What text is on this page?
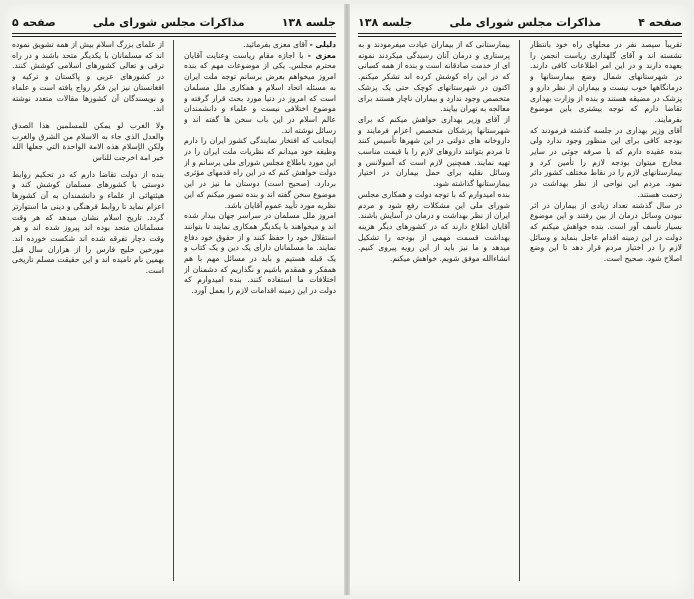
جلسه ۱۳۸
مذاکرات مجلس شورای ملی
صفحه ۵

دلیلی - آقای معزی بفرمائید.

معزی - با اجازه مقام ریاست وعنایت آقایان محترم مجلس. یکی از موضوعات مهم که بنده امروز میخواهم بعرض برسانم توجه ملت ایران به مسئله اتحاد اسلام و همکاری ملل مسلمان است که امروز در دنیا مورد بحث قرار گرفته و موضوع اختلافی نیست و علماء و دانشمندان عالم اسلام در این باب سخن ها گفته اند و رسائل نوشته اند.

اینجانب که افتخار نمایندگی کشور ایران را دارم وظیفه خود میدانم که نظریات ملت ایران را در این مورد باطلاع مجلس شورای ملی برسانم و از دولت خواهش کنم که در این راه قدمهای مؤثری بردارد. (صحیح است) دوستان ما نیز در این موضوع سخن گفته اند و بنده تصور میکنم که این نظریه مورد تأیید عموم آقایان باشد.

امروز ملل مسلمان در سراسر جهان بیدار شده اند و میخواهند با یکدیگر همکاری نمایند تا بتوانند استقلال خود را حفظ کنند و از حقوق خود دفاع نمایند. ما مسلمانان دارای یک دین و یک کتاب و یک قبله هستیم و باید در مسائل مهم با هم همفکر و همقدم باشیم و نگذاریم که دشمنان از اختلافات ما استفاده کنند. بنده امیدوارم که دولت در این زمینه اقدامات لازم را بعمل آورد.

از علمای بزرگ اسلام بیش از همه تشویق نموده اند که مسلمانان با یکدیگر متحد باشند و در راه ترقی و تعالی کشورهای اسلامی کوشش کنند. در کشورهای عربی و پاکستان و ترکیه و افغانستان نیز این فکر رواج یافته است و علماء و نویسندگان آن کشورها مقالات متعدد نوشته اند.

ولا الغرب لو يمكن للمسلمين هذا الصدق والعدل الذي جاء به الاسلام من الشرق والغرب ولكن الإسلام هذه الامة الواحدة التي جعلها الله خير امة اخرجت للناس

بنده از دولت تقاضا دارم که در تحکیم روابط دوستی با کشورهای مسلمان کوشش کند و هیئتهائی از علماء و دانشمندان به آن کشورها اعزام نماید تا روابط فرهنگی و دینی ما استوارتر گردد. تاریخ اسلام نشان میدهد که هر وقت مسلمانان متحد بوده اند پیروز شده اند و هر وقت دچار تفرقه شده اند شکست خورده اند. مورخین خلیج فارس را از هزاران سال قبل بهمین نام نامیده اند و این حقیقت مسلم تاریخی است.

صفحه ۴
مذاکرات مجلس شورای ملی
جلسه ۱۳۸

تقریباً سیصد نفر در محلهای راه خود بانتظار نشسته اند و آقای گلهداری ریاست انجمن را بعهده دارند و در این امر اطلاعات کافی دارند. در شهرستانهای شمال وضع بیمارستانها و درمانگاهها خوب نیست و بیماران از نظر دارو و پزشک در مضیقه هستند و بنده از وزارت بهداری تقاضا دارم که توجه بیشتری باین موضوع بفرمایند.

آقای وزیر بهداری در جلسه گذشته فرمودند که بودجه کافی برای این منظور وجود ندارد ولی بنده عقیده دارم که با صرفه جوئی در سایر مخارج میتوان بودجه لازم را تأمین کرد و بیمارستانهای لازم را در نقاط مختلف کشور دائر نمود. مردم این نواحی از نظر بهداشت در زحمت هستند.

در سال گذشته تعداد زیادی از بیماران در اثر نبودن وسائل درمان از بین رفتند و این موضوع بسیار تأسف آور است. بنده خواهش میکنم که دولت در این زمینه اقدام عاجل بنماید و وسائل لازم را در اختیار مردم قرار دهد تا این وضع اصلاح شود. صحیح است.

بیمارستانی که از بیماران عیادت میفرمودند و به پرستاری و درمان آنان رسیدگی میکردند نمونه ای از خدمت صادقانه است و بنده از همه کسانی که در این راه کوشش کرده اند تشکر میکنم. اکنون در شهرستانهای کوچک حتی یک پزشک متخصص وجود ندارد و بیماران ناچار هستند برای معالجه به تهران بیایند.

از آقای وزیر بهداری خواهش میکنم که برای شهرستانها پزشکان متخصص اعزام فرمایند و داروخانه های دولتی در این شهرها تأسیس کنند تا مردم بتوانند داروهای لازم را با قیمت مناسب تهیه نمایند. همچنین لازم است که آمبولانس و وسائل نقلیه برای حمل بیماران در اختیار بیمارستانها گذاشته شود.

بنده امیدوارم که با توجه دولت و همکاری مجلس شورای ملی این مشکلات رفع شود و مردم ایران از نظر بهداشت و درمان در آسایش باشند. آقایان اطلاع دارند که در کشورهای دیگر هزینه بهداشت قسمت مهمی از بودجه را تشکیل میدهد و ما نیز باید از این رویه پیروی کنیم. انشاءالله موفق شویم. خواهش میکنم.
